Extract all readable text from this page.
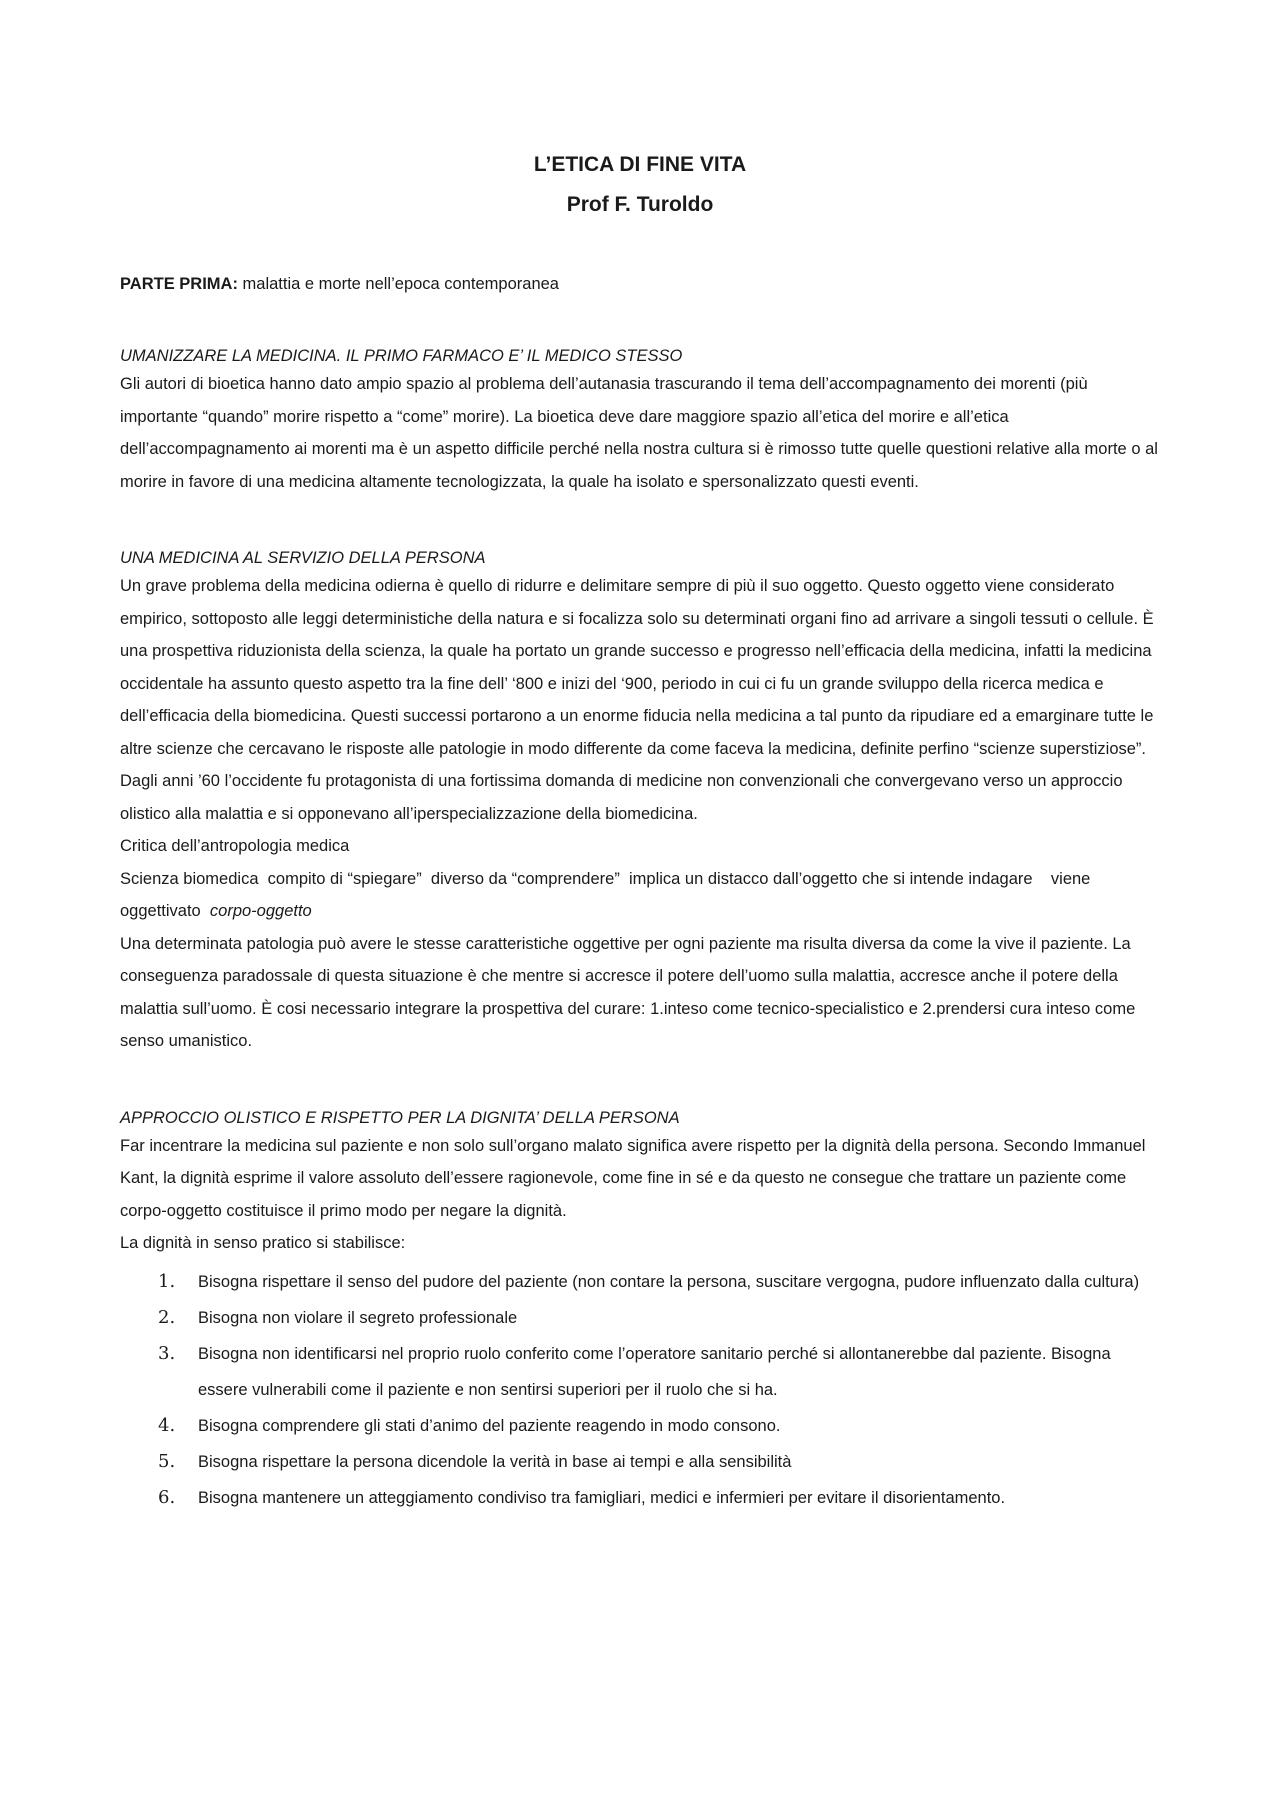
L’ETICA DI FINE VITA
Prof F. Turoldo
PARTE PRIMA: malattia e morte nell’epoca contemporanea

UMANIZZARE LA MEDICINA. IL PRIMO FARMACO E’ IL MEDICO STESSO

Gli autori di bioetica hanno dato ampio spazio al problema dell’autanasia trascurando il tema dell’accompagnamento dei morenti (più importante “quando” morire rispetto a “come” morire). La bioetica deve dare maggiore spazio all’etica del morire e all’etica dell’accompagnamento ai morenti ma è un aspetto difficile perché nella nostra cultura si è rimosso tutte quelle questioni relative alla morte o al morire in favore di una medicina altamente tecnologizzata, la quale ha isolato e spersonalizzato questi eventi.

UNA MEDICINA AL SERVIZIO DELLA PERSONA

Un grave problema della medicina odierna è quello di ridurre e delimitare sempre di più il suo oggetto. Questo oggetto viene considerato empirico, sottoposto alle leggi deterministiche della natura e si focalizza solo su determinati organi fino ad arrivare a singoli tessuti o cellule. È una prospettiva riduzionista della scienza, la quale ha portato un grande successo e progresso nell’efficacia della medicina, infatti la medicina occidentale ha assunto questo aspetto tra la fine dell’ ‘800 e inizi del ‘900, periodo in cui ci fu un grande sviluppo della ricerca medica e dell’efficacia della biomedicina. Questi successi portarono a un enorme fiducia nella medicina a tal punto da ripudiare ed a emarginare tutte le altre scienze che cercavano le risposte alle patologie in modo differente da come faceva la medicina, definite perfino “scienze superstiziose”. Dagli anni ’60 l’occidente fu protagonista di una fortissima domanda di medicine non convenzionali che convergevano verso un approccio olistico alla malattia e si opponevano all’iperspecializzazione della biomedicina.

Critica dell’antropologia medica

Scienza biomedica  compito di “spiegare”  diverso da “comprendere”  implica un distacco dall’oggetto che si intende indagare    viene oggettivato  corpo-oggetto

Una determinata patologia può avere le stesse caratteristiche oggettive per ogni paziente ma risulta diversa da come la vive il paziente. La conseguenza paradossale di questa situazione è che mentre si accresce il potere dell’uomo sulla malattia, accresce anche il potere della malattia sull’uomo. È cosi necessario integrare la prospettiva del curare: 1.inteso come tecnico-specialistico e 2.prendersi cura inteso come senso umanistico.

APPROCCIO OLISTICO E RISPETTO PER LA DIGNITA’ DELLA PERSONA

Far incentrare la medicina sul paziente e non solo sull’organo malato significa avere rispetto per la dignità della persona. Secondo Immanuel Kant, la dignità esprime il valore assoluto dell’essere ragionevole, come fine in sé e da questo ne consegue che trattare un paziente come corpo-oggetto costituisce il primo modo per negare la dignità.

La dignità in senso pratico si stabilisce:

1. Bisogna rispettare il senso del pudore del paziente (non contare la persona, suscitare vergogna, pudore influenzato dalla cultura)
2. Bisogna non violare il segreto professionale
3. Bisogna non identificarsi nel proprio ruolo conferito come l’operatore sanitario perché si allontanerebbe dal paziente. Bisogna essere vulnerabili come il paziente e non sentirsi superiori per il ruolo che si ha.
4. Bisogna comprendere gli stati d’animo del paziente reagendo in modo consono.
5. Bisogna rispettare la persona dicendole la verità in base ai tempi e alla sensibilità
6. Bisogna mantenere un atteggiamento condiviso tra famigliari, medici e infermieri per evitare il disorientamento.
